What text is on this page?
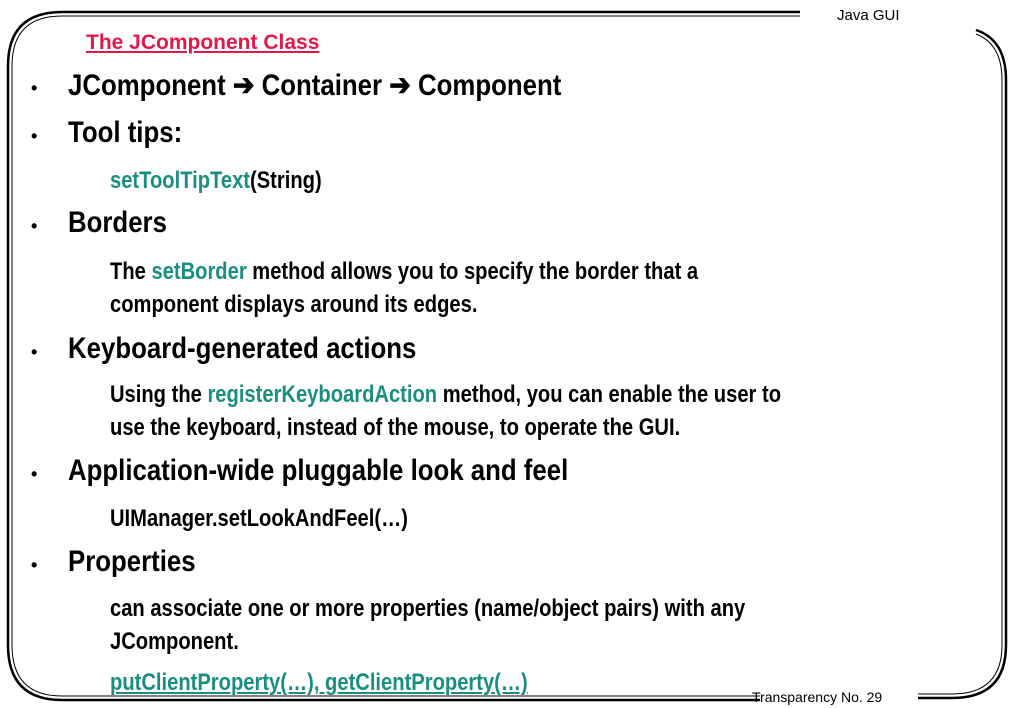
Java GUI
Transparency No. 29
The JComponent Class
• JComponent ➔ Container ➔ Component
• Tool tips:
setToolTipText(String)
• Borders
The setBorder method allows you to specify the border that a
component displays around its edges.
• Keyboard-generated actions
Using the registerKeyboardAction method, you can enable the user to
use the keyboard, instead of the mouse, to operate the GUI.
• Application-wide pluggable look and feel
UIManager.setLookAndFeel(…)
• Properties
can associate one or more properties (name/object pairs) with any
JComponent.
putClientProperty(…), getClientProperty(…)
